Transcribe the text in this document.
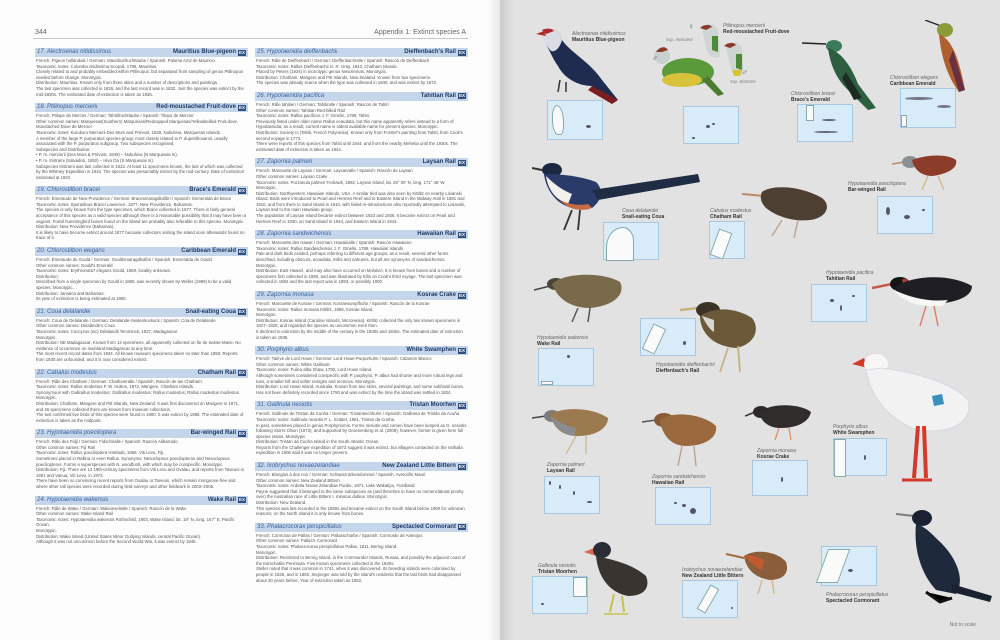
344	Appendix 1: Extinct species A
17. Alectroenas nitidissimus	Mauritius Blue-pigeon EX

French: Pigeon hollandais / German: Mauritiusfruchttaube / Spanish: Paloma Azul de Mauricio

Taxonomic notes: Columba nitidissima Scopoli, 1786, Mauritius.

Closely related to and probably embedded within Ptilinopus; but separated from sampling of genus Ptilinopus needed before change. Monotypic.

Distribution: Mauritius. Known only from three skins and a number of descriptions and paintings.

The last specimen was collected in 1826, and the last record was in 1832. Just the species was extinct by the mid-1830s. The estimated date of extinction is taken as 1835.

18. Ptilinopus mercierii	Red-moustached Fruit-dove EX

French: Ptilope de Mercier / German: Tahitifruchttaube / Spanish: Tilopo de Mercier

Other common names: Marquesas(Southern) Marquesas/Redcapped Marquesas/Yellowbellied Fruit-dove, Moustached Dove de Mercier

Taxonomic notes: Kurukuru Mercierii Des Murs and Prévost, 1849, Nukuhiva, Marquesas Islands.

A member of the large P. purpuratus species-group; most closely related to P. dupetithouarsii, usually associated with the P. purpuratus subgroup. Two subspecies recognised.

Subspecies and Distribution:

• P. m. mercierii (Des Murs & Prévost, 1849) – Nukuhiva (N Marquesas Is).

• P. m. tristrami (Salvadori, 1892) – Hiva Oa (S Marquesas Is).

Subspecies tristrami was last collected in 1922. At least 11 specimens known, the last of which was collected by the Whitney Expedition in 1922. The species was presumably extinct by the mid-century. Date of extinction estimated at 1922.

19. Chlorostilbon bracei	Brace's Emerald EX

French: Émeraude de New Providence / German: Bracesmaragdkolibri / Spanish: Esmeralda de Brace

Taxonomic notes: Sporadinus Bracei Lawrence, 1877, New Providence, Bahamas.

The species is only known from the type specimen, which Brace collected in 1877. There is fairly general acceptance of this species as a valid species although there is a reasonable possibility that it may have been a vagrant. Fossil hummingbird bones found on the island are probably also referable to this species. Monotypic.

Distribution: New Providence (Bahamas).

It is likely to have become extinct around 1877 because collectors visiting the island soon afterwards found no trace of it.

20. Chlorostilbon elegans	Caribbean Emerald EX

French: Émeraude de Gould / German: Gouldsmaragdkolibri / Spanish: Esmeralda de Gould

Other common names: Gould's Emerald

Taxonomic notes: Erythronota? elegans Gould, 1860, locality unknown.

Distribution:

Described from a single specimen by Gould in 1860, was recently shown by Weller (1999) to be a valid species. Monotypic.

Distribution: Jamaica and Bahamas.

Its year of extinction is being estimated at 1860.

21. Coua delalandei	Snail-eating Coua EX

French: Coua de Delalande / German: Delalande-Seidenkuckuck / Spanish: Cúa de Delalande

Other common names: Delalande's Coua

Taxonomic notes: Coccyzus (sic) Delalandii Temminck, 1827, Madagascar.

Monotypic.

Distribution: NE Madagascar. Known from 13 specimens, all apparently collected on Île de Sainte-Marie. No evidence of occurrence on mainland Madagascar at any time.

The most recent record dates from 1834. All known museum specimens taken no later than 1850. Reports from 1930 are unfounded, and it is now considered extinct.

22. Cabalus modestus	Chatham Rail EX

French: Râle des Chatham / German: Chathamralle / Spanish: Rascón de las Chatham

Taxonomic notes: Rallus modestus F. W. Hutton, 1872, Mangere, Chatham Islands.

Synonymous with Gallirallus modestus; Gallirallus modestus; Rallus modestus; Rallus modestus modestus.

Monotypic.

Distribution: Chatham, Mangere and Pitt Islands, New Zealand. It was first discovered on Mangere in 1871, and 26 specimens collected there are known from museum collections.

The last confirmed live birds of this species were found in 1900. It was extinct by 1896. The estimated date of extinction is taken as the midpoint.

23. Hypotaenidia poeciloptera	Bar-winged Rail EX

French: Râle des Fidji / German: Fidschiralle / Spanish: Rascón Alibarrado

Other common names: Fiji Rail

Taxonomic notes: Rallus poeciloptera Hartlaub, 1866, Viti Levu, Fiji.

Sometimes placed in Rallina or even Rallus. Synonyms: Nesoclopeus poecilopterus and Nesoclopeus poecilopterus. Forms a superspecies with N. woodfordi, with which may be conspecific. Monotypic.

Distribution: Fiji. There are 12 19th-century specimens from Viti Levu and Ovalau, and reports from Taveuni in 1901 and Vanua, Viti Levu, in 1973.

There have been no convincing recent reports from Ovalau or Taveuni, which remain mongoose-free and where other rail species were recorded during field surveys and other fieldwork in 2003–2005.

24. Hypotaenidia wakensis	Wake Rail EX

French: Râle de Wake / German: Wakeinselralle / Spanish: Rascón de la Wake

Other common names: Wake Island Rail

Taxonomic notes: Hypotaenidia wakensis Rothschild, 1903, Wake Island, lat. 19° N, long. 167° E, Pacific Ocean.

Monotypic.

Distribution: Wake Island (United States Minor Outlying Islands, central Pacific Ocean).

Although it was not uncommon before the Second World War, it was extinct by 1946.

25. Hypotaenidia dieffenbachii	Dieffenbach's Rail EX

French: Râle de Dieffenbach / German: Dieffenbachralle / Spanish: Rascón de Dieffenbach

Taxonomic notes: Rallus Dieffenbachii G. R. Gray, 1843, Chatham Islands.

Placed by Peters (1934) in monotypic genus Nesolimnas. Monotypic.

Distribution: Chatham, Mangere and Pitt Islands, New Zealand. Known from two specimens.

The species was already scarce when the type was collected in 1840, and was extinct by 1872.

26. Hypotaenidia pacifica	Tahitian Rail EX

French: Râle tahitien / German: Tahitiralle / Spanish: Rascón de Tahití

Other common names: Tahitian Red-billed Rail

Taxonomic notes: Rallus pacificus J. F. Gmelin, 1789, Tahiti.

Previously listed under older name Rallus ecaudata, but this name apparently refers instead to a form of Hypotaenidia; as a result, current name is oldest available name for present species. Monotypic.

Distribution: Society Is (Tahiti, French Polynesia). Known only from Forster's painting from Tahiti, from Cook's second voyage in 1773.

There were reports of this species from Tahiti until 1844, and from the nearby Mehetia until the 1930s. The estimated date of extinction is taken as 1844.

27. Zapornia palmeri	Laysan Rail EX

French: Marouette de Laysan / German: Laysanralle / Spanish: Rascón de Laysan

Other common names: Laysan Crake

Taxonomic notes: Porzanula palmeri Frohawk, 1892, Laysan Island, lat. 26° 00′ N, long. 171° 46′ W.

Monotypic.

Distribution: Northwestern Hawaiian Islands, USA. A similar bird was also seen by Kittlitz on nearby Lisianski Island. Birds were introduced to Pearl and Hermes Reef and to Eastern Island in the Midway Atoll in 1891 and 1910, and from there to Sand Island in 1910, with failed re-introductions also reportedly attempted to Lisianski, Laysan and to the main Hawaiian group.

The population of Laysan Island became extinct between 1923 and 1936. It became extinct on Pearl and Hermes Reef in 1930, on Sand Island in 1943, and Eastern Island in 1944.

28. Zapornia sandwichensis	Hawaiian Rail EX

French: Marouette des Hawaï / German: Hawaiiralle / Spanish: Rascón Hawaiano

Taxonomic notes: Rallus Sandwichensis J. F. Gmelin, 1789, Hawaiian Islands.

Pale and dark birds existed, perhaps referring to different age groups; as a result, several other forms described, including obscura, ecaudata, millsi and oahuens, but all are synonyms of sandwichensis. Monotypic.

Distribution: East Hawai'i, and may also have occurred on Moloka'i. It is known from bones and a number of specimens first collected in 1880, and was illustrated by Ellis on Cook's third voyage. The last specimen was collected in 1884 and the last report was in 1893, or possibly 1900.

29. Zapornia monasa	Kosrae Crake EX

French: Marouette de Kosrae / German: Kosraesumpfhuhn / Spanish: Rascón de la Kosrae

Taxonomic notes: Rallus monasa Kittlitz, 1858, Kosrae Island.

Monotypic.

Distribution: Kosrae Island (Caroline Islands, Micronesia). Kittlitz collected the only two known specimens in 1827–1828, and regarded the species as uncommon even then.

It declined to extinction by the middle of the century in the 1830s and 1840s. The estimated date of extinction is taken as 1835.

30. Porphyrio albus	White Swamphen EX

French: Talève de Lord Howe / German: Lord-Howe-Purpurhuhn / Spanish: Calamón Blanco

Other common names: White Gallinule

Taxonomic notes: Fulica alba Shaw, 1790, Lord Howe Island.

Although sometimes considered conspecific with P. porphyrio, P. albus had shorter and more robust legs and toes, a smaller bill and softer remiges and rectrices. Monotypic.

Distribution: Lord Howe Island, Australia. Known from two skins, several paintings, and some subfossil bones.

Has not been definitely recorded since 1790 and was extinct by the time the island was settled in 1834.

31. Gallinula nesiotis	Tristan Moorhen EX

French: Gallinule de Tristan da Cunha / German: Tristanteichhuhn / Spanish: Gallineta de Tristán da Acuña

Taxonomic notes: Gallinula nesiotis P. L. Sclater, 1861, Tristan da Cunha.

In past, sometimes placed in genus Porphyriornis. Forms nesiotis and comeri have been lumped as G. nesiotis following Storrs Olson (1973), and supported by Groenenberg et al. (2008), however, former is given here full species status. Monotypic.

Distribution: Tristan da Cunha Island in the South Atlantic Ocean.

Reports from the Challenger expedition of 1873 suggest it was extinct, but villagers contacted on the Valhalla expedition in 1906 said it was no longer present.

32. Ixobrychus novaezelandiae	New Zealand Little Bittern EX

French: Blongios à dos noir / German: Schwarzrückendommel / Spanish: Avetorillo Maorí

Other common names: New Zealand Bittern

Taxonomic notes: Ardetta Novae Zelandiae Purdie, 1871, Lake Wakatipu, Fiordland.

Payne suggested that it belonged to the same subspecies as (and therefore to have no nomenclatural priority over) the Australian race of Little Bittern I. minutus dubius. Monotypic.

Distribution: New Zealand.

This species was last recorded in the 1890s and became extinct on the South Island before 1900 for unknown reasons; on the North Island it is only known from bones.

33. Phalacrocorax perspicillatus	Spectacled Cormorant EX

French: Cormoran de Pallas / German: Pallasscharbe / Spanish: Cormorán de Anteojos

Other common names: Pallas's Cormorant

Taxonomic notes: Phalacrocorax perspicillatus Pallas, 1811, Bering Island.

Monotypic.

Distribution: Restricted to Bering Island, in the Commander Islands, Russia, and possibly the adjacent coast of the Kamchatka Peninsula. Five known specimens collected in the 1840s.

Steller noted that it was common in 1741, when it was discovered. Its breeding islands were colonised by people in 1826, and in 1850, Stejneger was told by the island's residents that the last birds had disappeared about 30 years before. Year of extinction taken as 1852.

Alectroenas nitidissimus
Mauritius Blue-pigeon
♀
♂
♂
ssp. mercierii
ssp. tristrami
Ptilinopus mercierii
Red-moustached Fruit-dove
Chlorostilbon bracei
Brace's Emerald
Chlorostilbon elegans
Caribbean Emerald
Coua delalandei
Snail-eating Coua
Cabalus modestus
Chatham Rail
Hypotaenidia poeciloptera
Bar-winged Rail
Hypotaenidia wakensis
Wake Rail
Hypotaenidia dieffenbachii
Dieffenbach's Rail
Hypotaenidia pacifica
Tahitian Rail
Zapornia palmeri
Laysan Rail
Zapornia sandwichensis
Hawaiian Rail
Zapornia monasa
Kosrae Crake
Porphyrio albus
White Swamphen
Gallinula nesiotis
Tristan Moorhen	Ixobrychus novaezelandiae
New Zealand Little Bittern
Phalacrocorax perspicillatus
Spectacled Cormorant
Not to scale
